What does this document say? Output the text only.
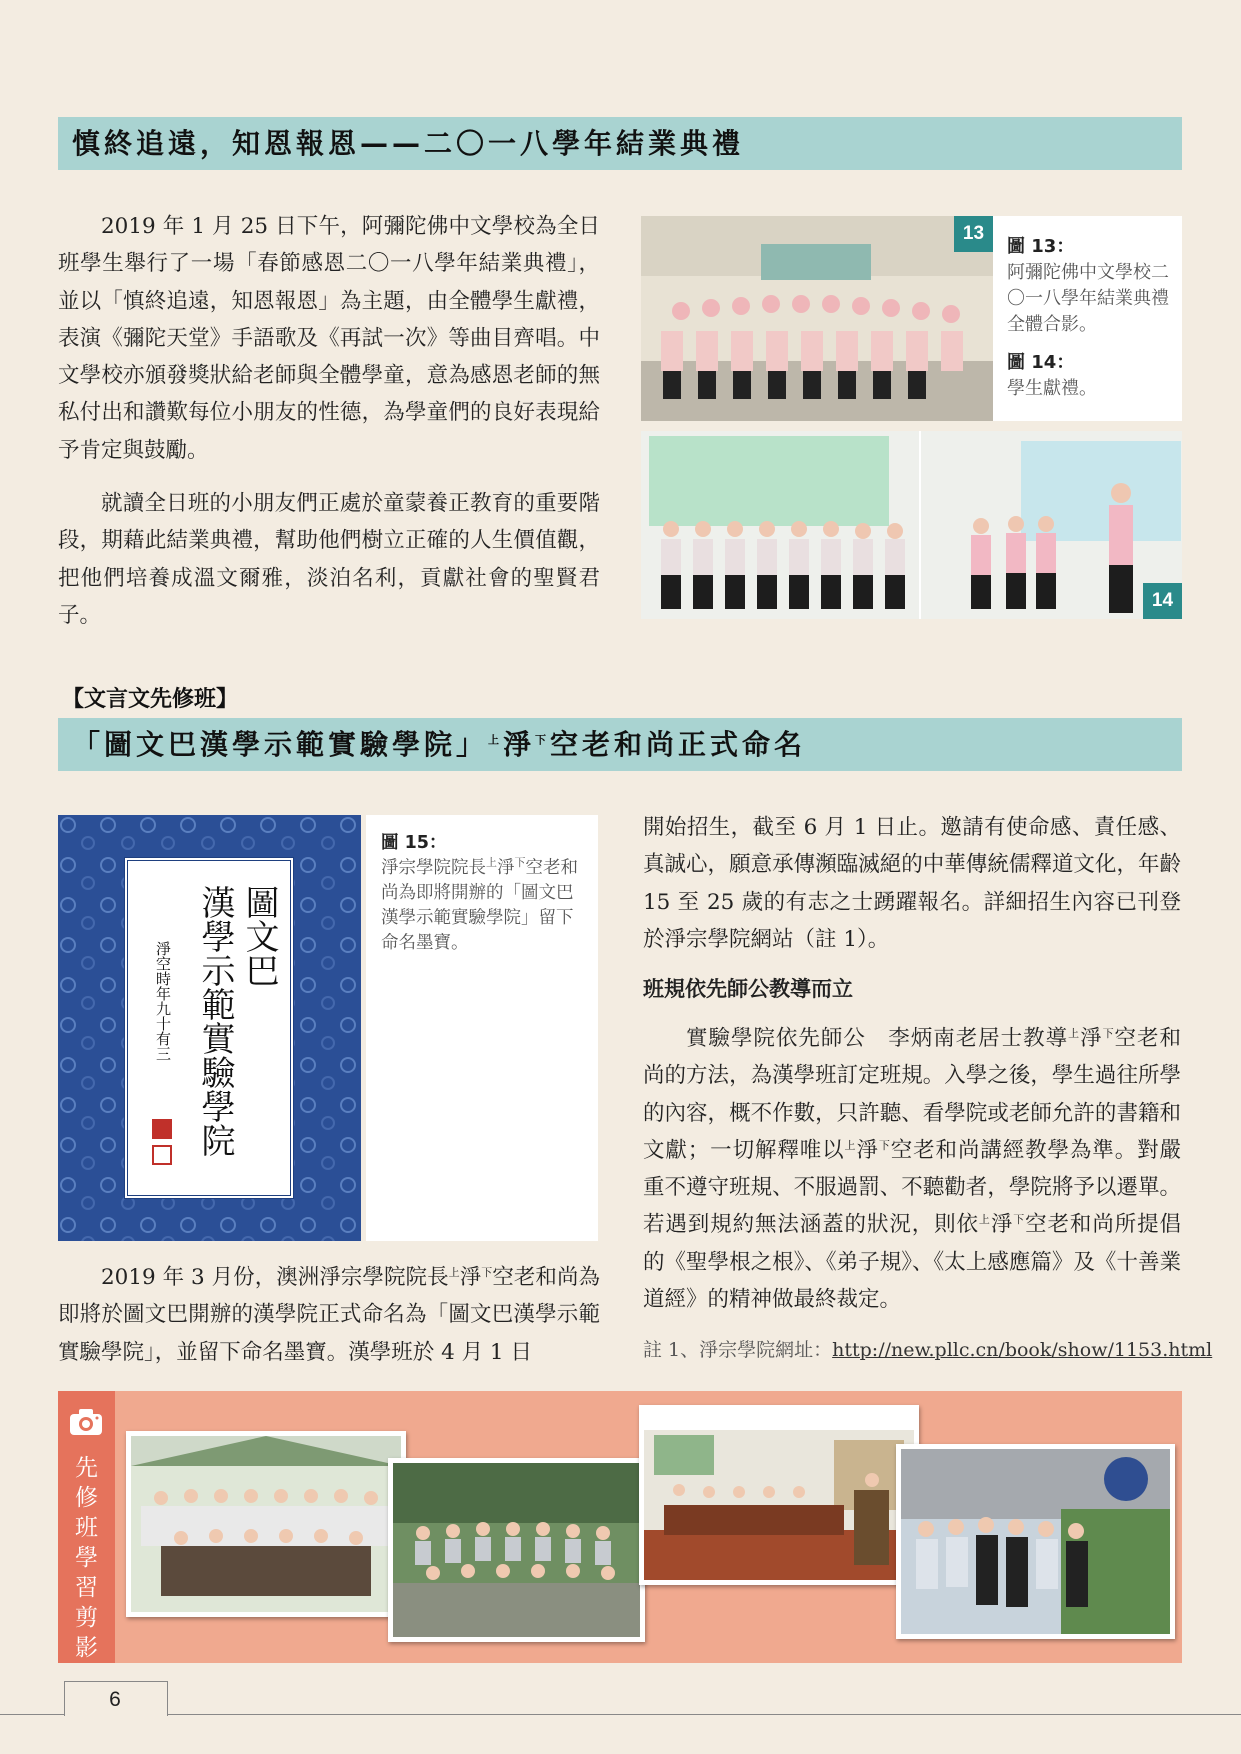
慎終追遠，知恩報恩——二〇一八學年結業典禮

2019 年 1 月 25 日下午，阿彌陀佛中文學校為全日班學生舉行了一場「春節感恩二〇一八學年結業典禮」，並以「慎終追遠，知恩報恩」為主題，由全體學生獻禮，表演《彌陀天堂》手語歌及《再試一次》等曲目齊唱。中文學校亦頒發獎狀給老師與全體學童，意為感恩老師的無私付出和讚歎每位小朋友的性德，為學童們的良好表現給予肯定與鼓勵。

就讀全日班的小朋友們正處於童蒙養正教育的重要階段，期藉此結業典禮，幫助他們樹立正確的人生價值觀，把他們培養成溫文爾雅，淡泊名利，貢獻社會的聖賢君子。

13
圖 13：
阿彌陀佛中文學校二〇一八學年結業典禮全體合影。
圖 14：
學生獻禮。
14
【文言文先修班】
「圖文巴漢學示範實驗學院」$^上$淨$^下$空老和尚正式命名
圖文巴
漢學示範實驗學院
淨空時年九十有三
圖 15：
淨宗學院院長$^上$淨$^下$空老和尚為即將開辦的「圖文巴漢學示範實驗學院」留下命名墨寶。

2019 年 3 月份，澳洲淨宗學院院長$^上$淨$^下$空老和尚為即將於圖文巴開辦的漢學院正式命名為「圖文巴漢學示範實驗學院」，並留下命名墨寶。漢學班於 4 月 1 日

開始招生，截至 6 月 1 日止。邀請有使命感、責任感、真誠心，願意承傳瀕臨滅絕的中華傳統儒釋道文化，年齡 15 至 25 歲的有志之士踴躍報名。詳細招生內容已刊登於淨宗學院網站（註 1）。

班規依先師公教導而立

實驗學院依先師公　李炳南老居士教導$^上$淨$^下$空老和尚的方法，為漢學班訂定班規。入學之後，學生過往所學的內容，概不作數，只許聽、看學院或老師允許的書籍和文獻；一切解釋唯以$^上$淨$^下$空老和尚講經教學為準。對嚴重不遵守班規、不服過罰、不聽勸者，學院將予以遷單。若遇到規約無法涵蓋的狀況，則依$^上$淨$^下$空老和尚所提倡的《聖學根之根》、《弟子規》、《太上感應篇》及《十善業道經》的精神做最終裁定。

註 1、淨宗學院網址：http://new.pllc.cn/book/show/1153.html
先修班學習剪影
6
